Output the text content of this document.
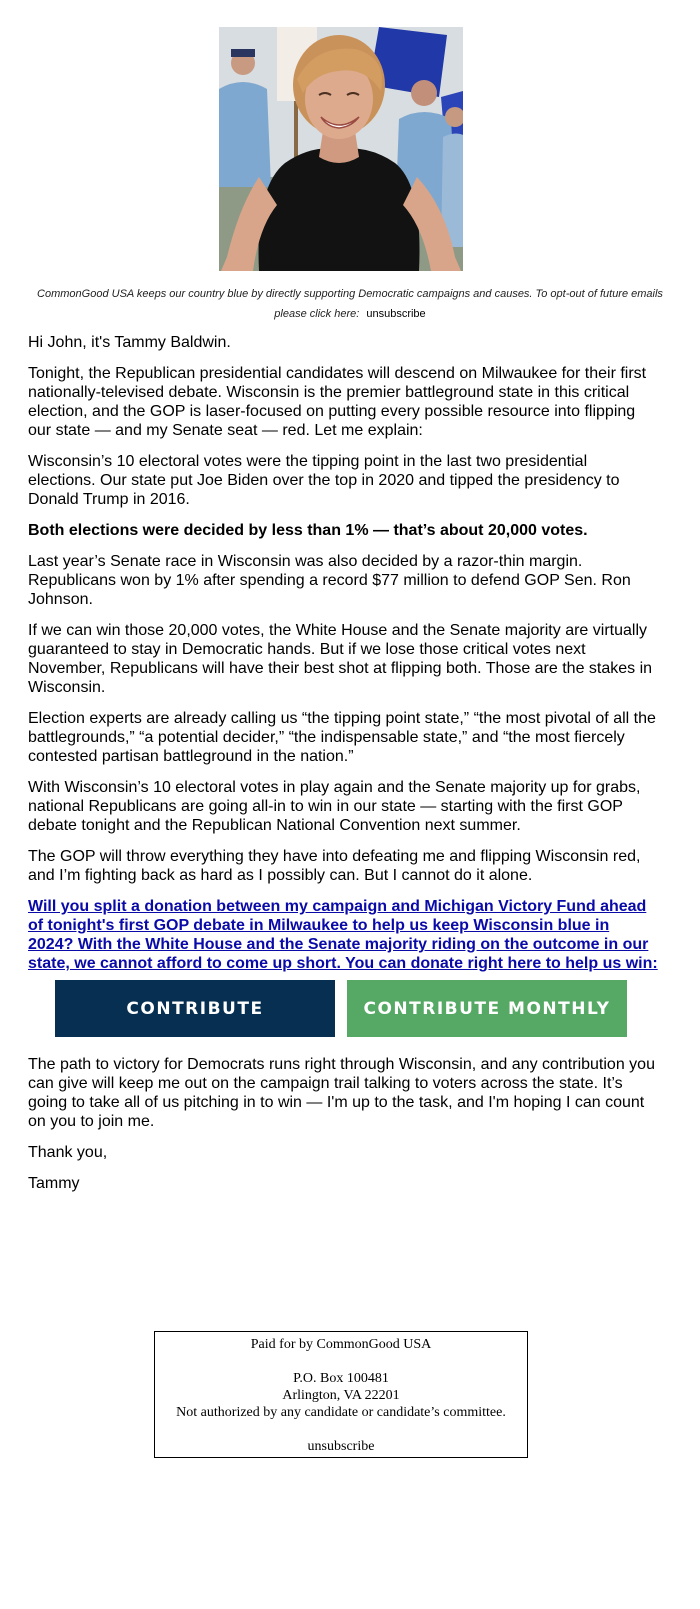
CommonGood USA keeps our country blue by directly supporting Democratic campaigns and causes. To opt-out of future emails please click here: unsubscribe

Hi John, it's Tammy Baldwin.

Tonight, the Republican presidential candidates will descend on Milwaukee for their first nationally-televised debate. Wisconsin is the premier battleground state in this critical election, and the GOP is laser-focused on putting every possible resource into flipping our state — and my Senate seat — red. Let me explain:

Wisconsin’s 10 electoral votes were the tipping point in the last two presidential elections. Our state put Joe Biden over the top in 2020 and tipped the presidency to Donald Trump in 2016.

Both elections were decided by less than 1% — that’s about 20,000 votes.

Last year’s Senate race in Wisconsin was also decided by a razor-thin margin. Republicans won by 1% after spending a record $77 million to defend GOP Sen. Ron Johnson.

If we can win those 20,000 votes, the White House and the Senate majority are virtually guaranteed to stay in Democratic hands. But if we lose those critical votes next November, Republicans will have their best shot at flipping both. Those are the stakes in Wisconsin.

Election experts are already calling us “the tipping point state,” “the most pivotal of all the battlegrounds,” “a potential decider,” “the indispensable state,” and “the most fiercely contested partisan battleground in the nation.”

With Wisconsin’s 10 electoral votes in play again and the Senate majority up for grabs, national Republicans are going all-in to win in our state — starting with the first GOP debate tonight and the Republican National Convention next summer.

The GOP will throw everything they have into defeating me and flipping Wisconsin red, and I’m fighting back as hard as I possibly can. But I cannot do it alone.

Will you split a donation between my campaign and Michigan Victory Fund ahead of tonight's first GOP debate in Milwaukee to help us keep Wisconsin blue in 2024? With the White House and the Senate majority riding on the outcome in our state, we cannot afford to come up short. You can donate right here to help us win:

CONTRIBUTE	CONTRIBUTE MONTHLY

The path to victory for Democrats runs right through Wisconsin, and any contribution you can give will keep me out on the campaign trail talking to voters across the state. It’s going to take all of us pitching in to win — I'm up to the task, and I'm hoping I can count on you to join me.

Thank you,

Tammy

Paid for by CommonGood USA
P.O. Box 100481
Arlington, VA 22201
Not authorized by any candidate or candidate’s committee.
unsubscribe
